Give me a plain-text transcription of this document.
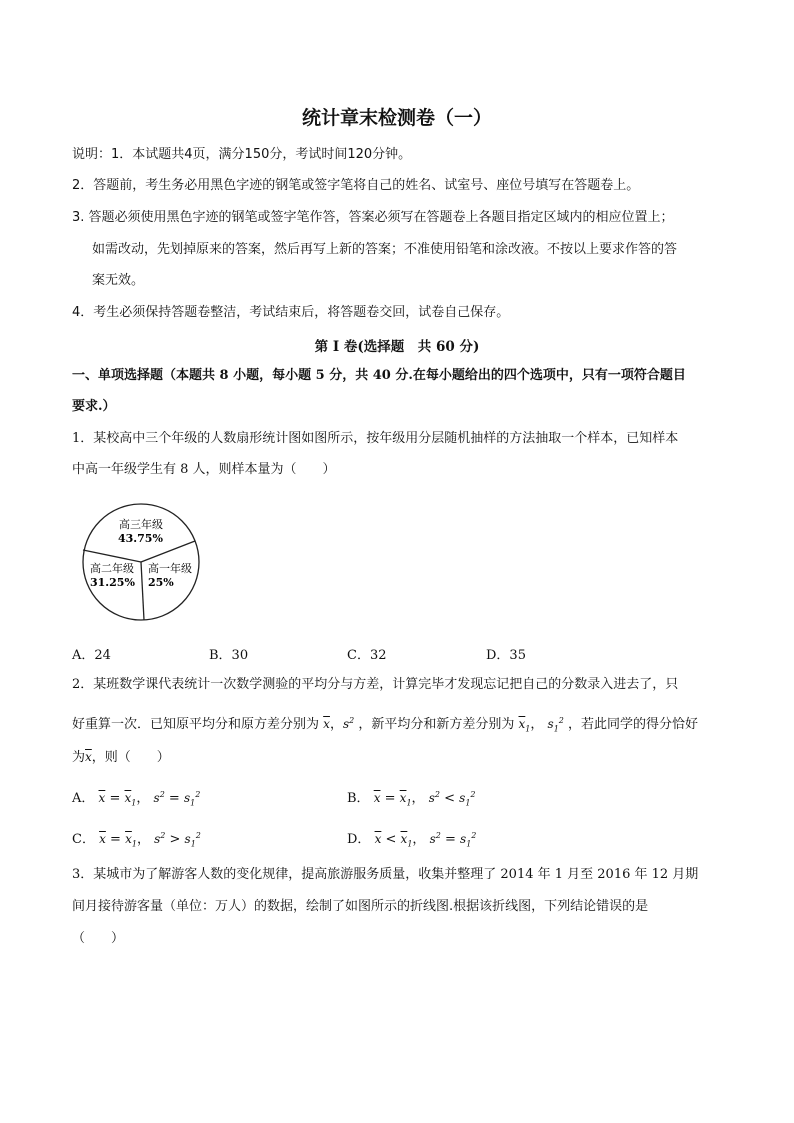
统计章末检测卷（一）
说明：1．本试题共4页，满分150分，考试时间120分钟。
2．答题前，考生务必用黑色字迹的钢笔或签字笔将自己的姓名、试室号、座位号填写在答题卷上。
3. 答题必须使用黑色字迹的钢笔或签字笔作答，答案必须写在答题卷上各题目指定区域内的相应位置上；
如需改动，先划掉原来的答案，然后再写上新的答案；不准使用铅笔和涂改液。不按以上要求作答的答
案无效。
4．考生必须保持答题卷整洁，考试结束后，将答题卷交回，试卷自己保存。
第 I 卷(选择题　共 60 分)
一、单项选择题（本题共 8 小题，每小题 5 分，共 40 分.在每小题给出的四个选项中，只有一项符合题目
要求.）
1．某校高中三个年级的人数扇形统计图如图所示，按年级用分层随机抽样的方法抽取一个样本，已知样本
中高一年级学生有 8 人，则样本量为（　　）
高三年级
43.75%
高二年级
31.25%
高一年级
25%
A．24	B．30	C．32	D．35
2．某班数学课代表统计一次数学测验的平均分与方差，计算完毕才发现忘记把自己的分数录入进去了，只
好重算一次．已知原平均分和原方差分别为 $\overline{x}$，$s^2$ ，新平均分和新方差分别为 $\overline{x}_1$， $s_1^2$ ，若此同学的得分恰好
为$\overline{x}$，则（　　）
A． $\overline{x} = \overline{x}_1$， $s^2 = s_1^2$	B． $\overline{x} = \overline{x}_1$， $s^2 < s_1^2$
C． $\overline{x} = \overline{x}_1$， $s^2 > s_1^2$	D． $\overline{x} < \overline{x}_1$， $s^2 = s_1^2$
3．某城市为了解游客人数的变化规律，提高旅游服务质量，收集并整理了 2014 年 1 月至 2016 年 12 月期
间月接待游客量（单位：万人）的数据，绘制了如图所示的折线图.根据该折线图，下列结论错误的是
（　　）
